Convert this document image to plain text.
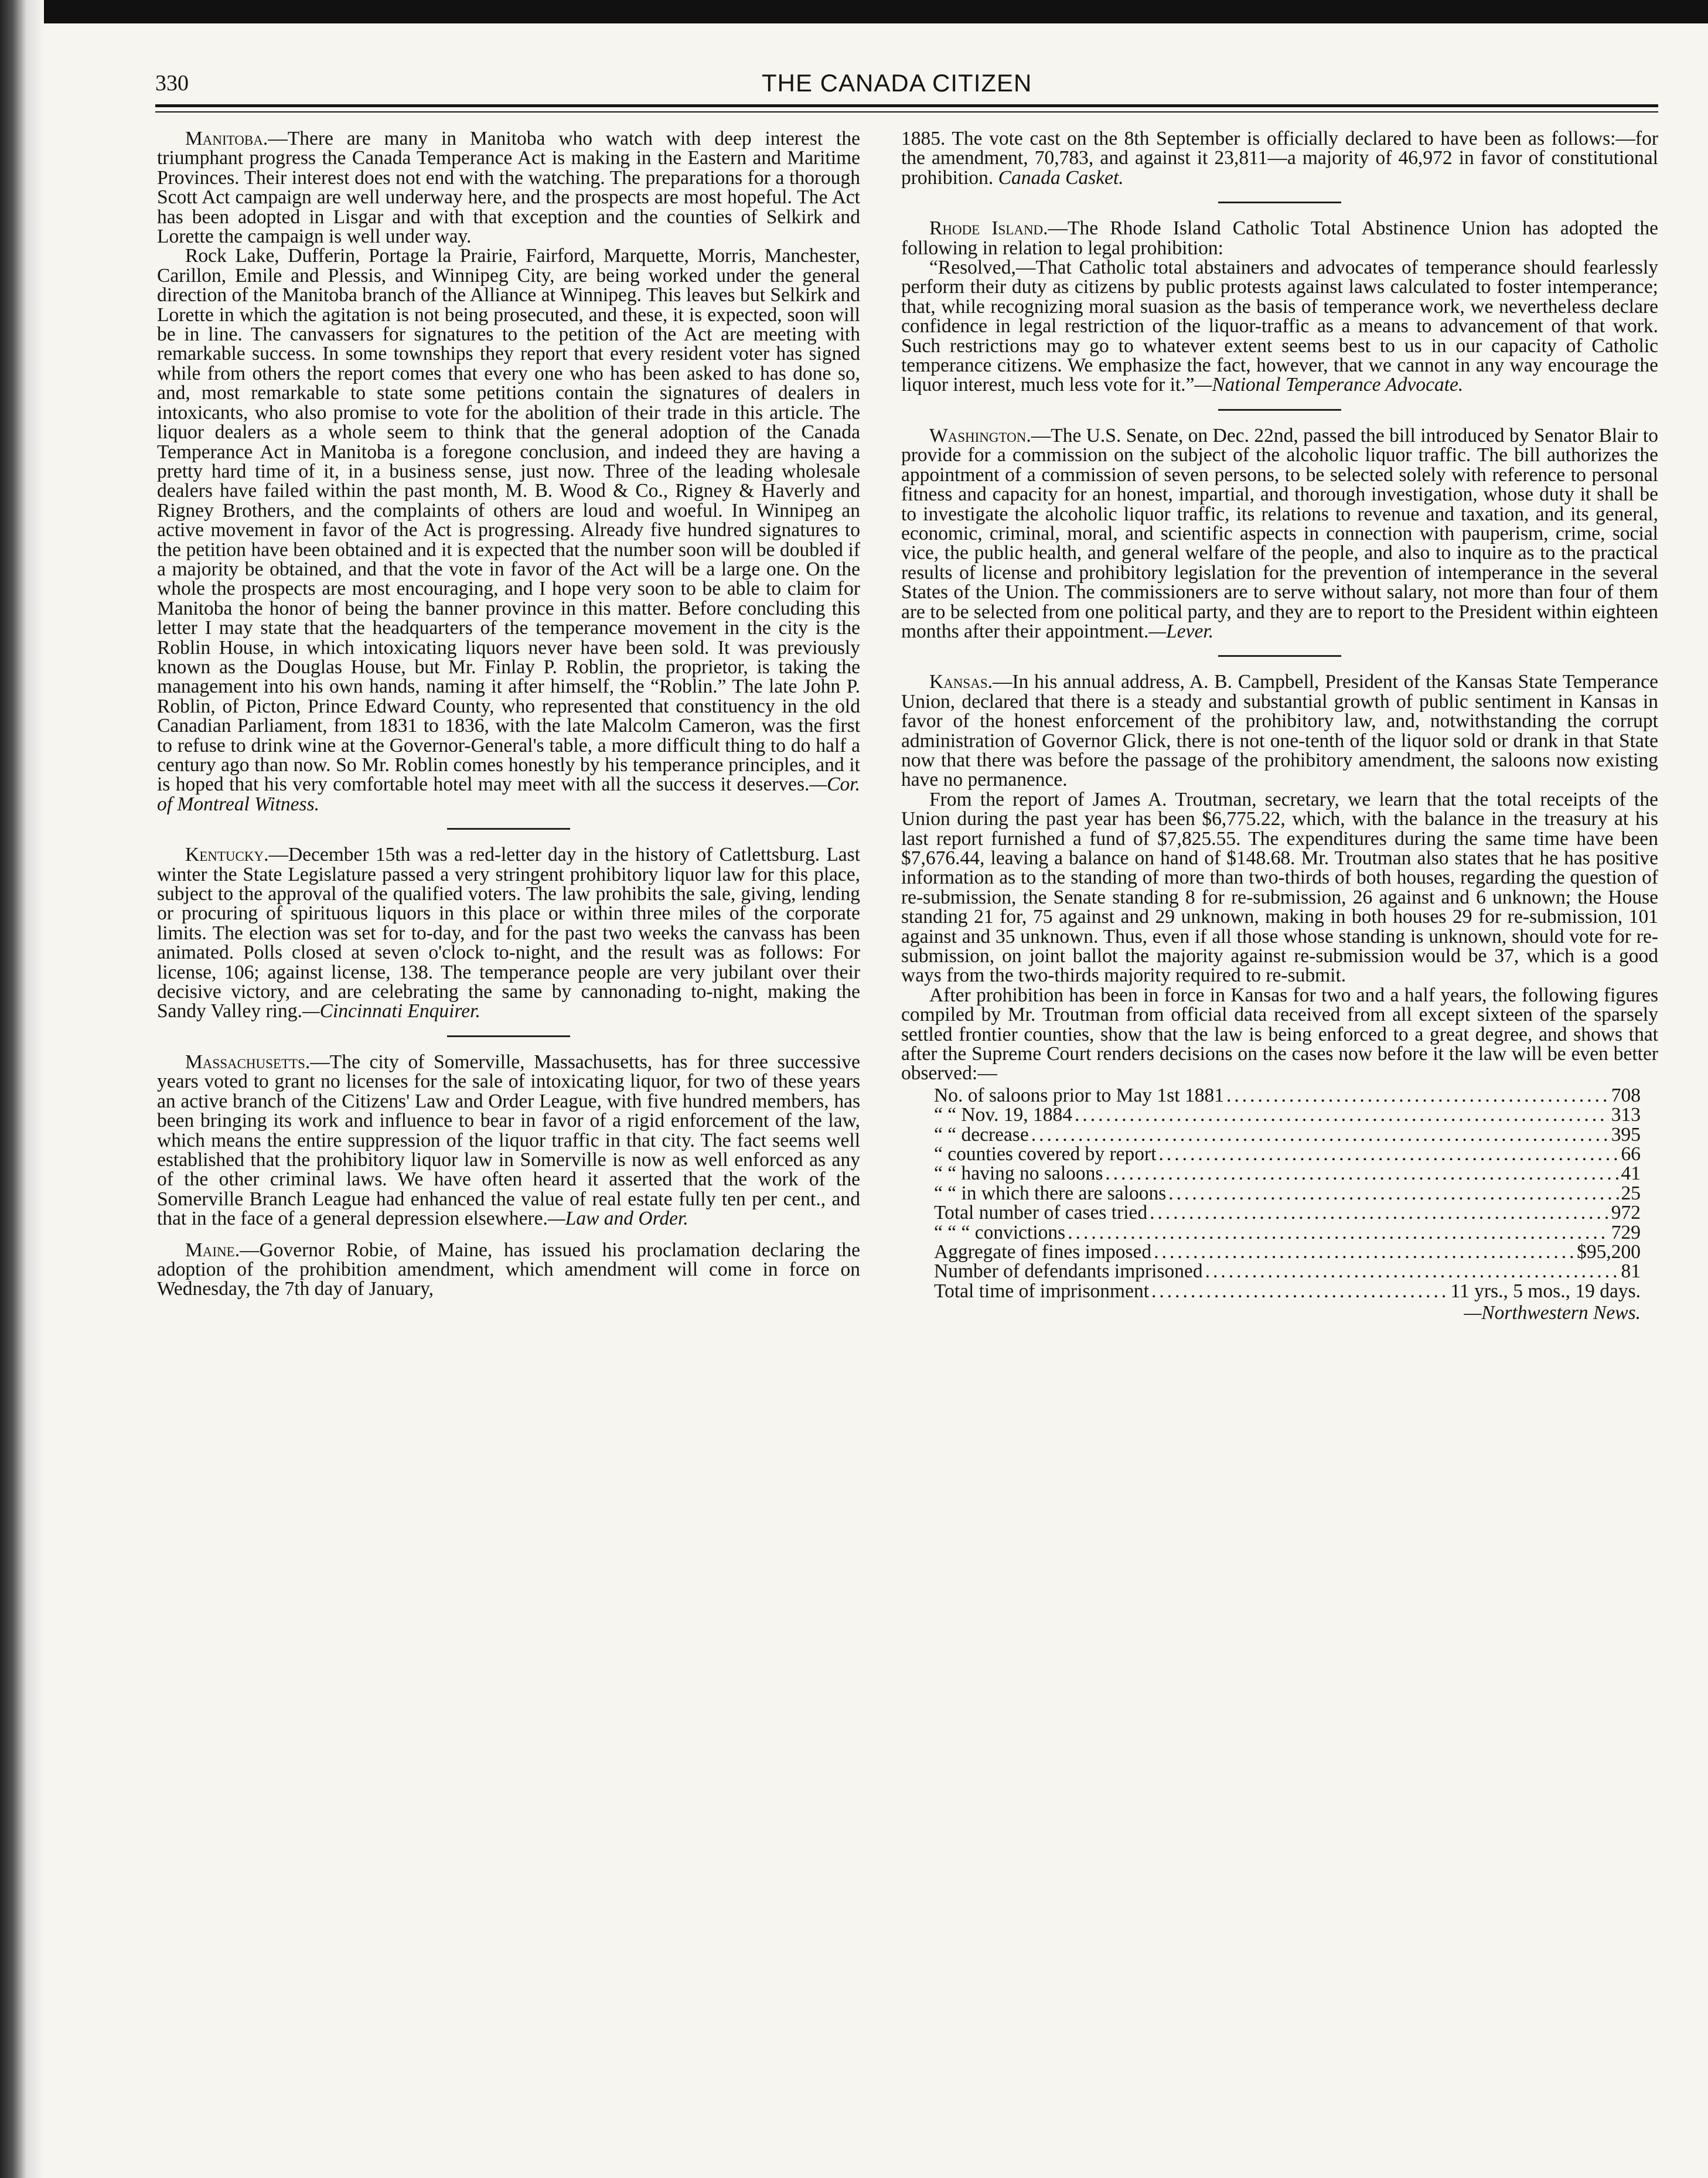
330	THE CANADA CITIZEN

Manitoba.—There are many in Manitoba who watch with deep interest the triumphant progress the Canada Temperance Act is making in the Eastern and Maritime Provinces. Their interest does not end with the watching. The preparations for a thorough Scott Act campaign are well underway here, and the prospects are most hopeful. The Act has been adopted in Lisgar and with that exception and the counties of Selkirk and Lorette the campaign is well under way.

Rock Lake, Dufferin, Portage la Prairie, Fairford, Marquette, Morris, Manchester, Carillon, Emile and Plessis, and Winnipeg City, are being worked under the general direction of the Manitoba branch of the Alliance at Winnipeg. This leaves but Selkirk and Lorette in which the agitation is not being prosecuted, and these, it is expected, soon will be in line. The canvassers for signatures to the petition of the Act are meeting with remarkable success. In some townships they report that every resident voter has signed while from others the report comes that every one who has been asked to has done so, and, most remarkable to state some petitions contain the signatures of dealers in intoxicants, who also promise to vote for the abolition of their trade in this article. The liquor dealers as a whole seem to think that the general adoption of the Canada Temperance Act in Manitoba is a foregone conclusion, and indeed they are having a pretty hard time of it, in a business sense, just now. Three of the leading wholesale dealers have failed within the past month, M. B. Wood & Co., Rigney & Haverly and Rigney Brothers, and the complaints of others are loud and woeful. In Winnipeg an active movement in favor of the Act is progressing. Already five hundred signatures to the petition have been obtained and it is expected that the number soon will be doubled if a majority be obtained, and that the vote in favor of the Act will be a large one. On the whole the prospects are most encouraging, and I hope very soon to be able to claim for Manitoba the honor of being the banner province in this matter. Before concluding this letter I may state that the headquarters of the temperance movement in the city is the Roblin House, in which intoxicating liquors never have been sold. It was previously known as the Douglas House, but Mr. Finlay P. Roblin, the proprietor, is taking the management into his own hands, naming it after himself, the “Roblin.” The late John P. Roblin, of Picton, Prince Edward County, who represented that constituency in the old Canadian Parliament, from 1831 to 1836, with the late Malcolm Cameron, was the first to refuse to drink wine at the Governor-General's table, a more difficult thing to do half a century ago than now. So Mr. Roblin comes honestly by his temperance principles, and it is hoped that his very comfortable hotel may meet with all the success it deserves.—Cor. of Montreal Witness.

Kentucky.—December 15th was a red-letter day in the history of Catlettsburg. Last winter the State Legislature passed a very stringent prohibitory liquor law for this place, subject to the approval of the qualified voters. The law prohibits the sale, giving, lending or procuring of spirituous liquors in this place or within three miles of the corporate limits. The election was set for to-day, and for the past two weeks the canvass has been animated. Polls closed at seven o'clock to-night, and the result was as follows: For license, 106; against license, 138. The temperance people are very jubilant over their decisive victory, and are celebrating the same by cannonading to-night, making the Sandy Valley ring.—Cincinnati Enquirer.

Massachusetts.—The city of Somerville, Massachusetts, has for three successive years voted to grant no licenses for the sale of intoxicating liquor, for two of these years an active branch of the Citizens' Law and Order League, with five hundred members, has been bringing its work and influence to bear in favor of a rigid enforcement of the law, which means the entire suppression of the liquor traffic in that city. The fact seems well established that the prohibitory liquor law in Somerville is now as well enforced as any of the other criminal laws. We have often heard it asserted that the work of the Somerville Branch League had enhanced the value of real estate fully ten per cent., and that in the face of a general depression elsewhere.—Law and Order.

Maine.—Governor Robie, of Maine, has issued his proclamation declaring the adoption of the prohibition amendment, which amendment will come in force on Wednesday, the 7th day of January,

1885. The vote cast on the 8th September is officially declared to have been as follows:—for the amendment, 70,783, and against it 23,811—a majority of 46,972 in favor of constitutional prohibition. Canada Casket.

Rhode Island.—The Rhode Island Catholic Total Abstinence Union has adopted the following in relation to legal prohibition:

“Resolved,—That Catholic total abstainers and advocates of temperance should fearlessly perform their duty as citizens by public protests against laws calculated to foster intemperance; that, while recognizing moral suasion as the basis of temperance work, we nevertheless declare confidence in legal restriction of the liquor-traffic as a means to advancement of that work. Such restrictions may go to whatever extent seems best to us in our capacity of Catholic temperance citizens. We emphasize the fact, however, that we cannot in any way encourage the liquor interest, much less vote for it.”—National Temperance Advocate.

Washington.—The U.S. Senate, on Dec. 22nd, passed the bill introduced by Senator Blair to provide for a commission on the subject of the alcoholic liquor traffic. The bill authorizes the appointment of a commission of seven persons, to be selected solely with reference to personal fitness and capacity for an honest, impartial, and thorough investigation, whose duty it shall be to investigate the alcoholic liquor traffic, its relations to revenue and taxation, and its general, economic, criminal, moral, and scientific aspects in connection with pauperism, crime, social vice, the public health, and general welfare of the people, and also to inquire as to the practical results of license and prohibitory legislation for the prevention of intemperance in the several States of the Union. The commissioners are to serve without salary, not more than four of them are to be selected from one political party, and they are to report to the President within eighteen months after their appointment.—Lever.

Kansas.—In his annual address, A. B. Campbell, President of the Kansas State Temperance Union, declared that there is a steady and substantial growth of public sentiment in Kansas in favor of the honest enforcement of the prohibitory law, and, notwithstanding the corrupt administration of Governor Glick, there is not one-tenth of the liquor sold or drank in that State now that there was before the passage of the prohibitory amendment, the saloons now existing have no permanence.

From the report of James A. Troutman, secretary, we learn that the total receipts of the Union during the past year has been $6,775.22, which, with the balance in the treasury at his last report furnished a fund of $7,825.55. The expenditures during the same time have been $7,676.44, leaving a balance on hand of $148.68. Mr. Troutman also states that he has positive information as to the standing of more than two-thirds of both houses, regarding the question of re-submission, the Senate standing 8 for re-submission, 26 against and 6 unknown; the House standing 21 for, 75 against and 29 unknown, making in both houses 29 for re-submission, 101 against and 35 unknown. Thus, even if all those whose standing is unknown, should vote for re-submission, on joint ballot the majority against re-submission would be 37, which is a good ways from the two-thirds majority required to re-submit.

After prohibition has been in force in Kansas for two and a half years, the following figures compiled by Mr. Troutman from official data received from all except sixteen of the sparsely settled frontier counties, show that the law is being enforced to a great degree, and shows that after the Supreme Court renders decisions on the cases now before it the law will be even better observed:—

No. of saloons prior to May 1st 1881 .....	708
“ “ Nov. 19, 1884 .....	313
“ “ decrease .....	395
“ counties covered by report .....	66
“ “ having no saloons .....	41
“ “ in which there are saloons .....	25
Total number of cases tried .....	972
“ “ “ convictions .....	729
Aggregate of fines imposed .....	$95,200
Number of defendants imprisoned .....	81
Total time of imprisonment .....	11 yrs., 5 mos., 19 days.
—Northwestern News.
